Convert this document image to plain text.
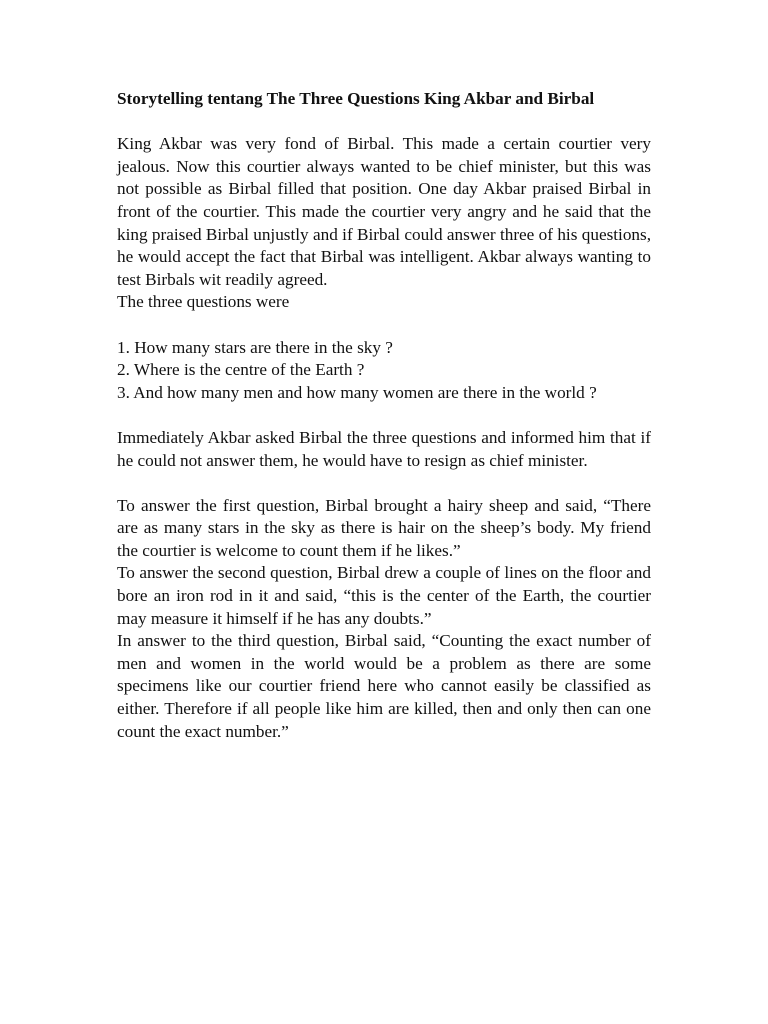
Storytelling tentang The Three Questions King Akbar and Birbal

King Akbar was very fond of Birbal. This made a certain courtier very jealous. Now this courtier always wanted to be chief minister, but this was not possible as Birbal filled that position. One day Akbar praised Birbal in front of the courtier. This made the courtier very angry and he said that the king praised Birbal unjustly and if Birbal could answer three of his questions, he would accept the fact that Birbal was intelligent. Akbar always wanting to test Birbals wit readily agreed.

The three questions were

1. How many stars are there in the sky ?

2. Where is the centre of the Earth ?

3. And how many men and how many women are there in the world ?

Immediately Akbar asked Birbal the three questions and informed him that if he could not answer them, he would have to resign as chief minister.

To answer the first question, Birbal brought a hairy sheep and said, “There are as many stars in the sky as there is hair on the sheep’s body. My friend the courtier is welcome to count them if he likes.”

To answer the second question, Birbal drew a couple of lines on the floor and bore an iron rod in it and said, “this is the center of the Earth, the courtier may measure it himself if he has any doubts.”

In answer to the third question, Birbal said, “Counting the exact number of men and women in the world would be a problem as there are some specimens like our courtier friend here who cannot easily be classified as either. Therefore if all people like him are killed, then and only then can one count the exact number.”
